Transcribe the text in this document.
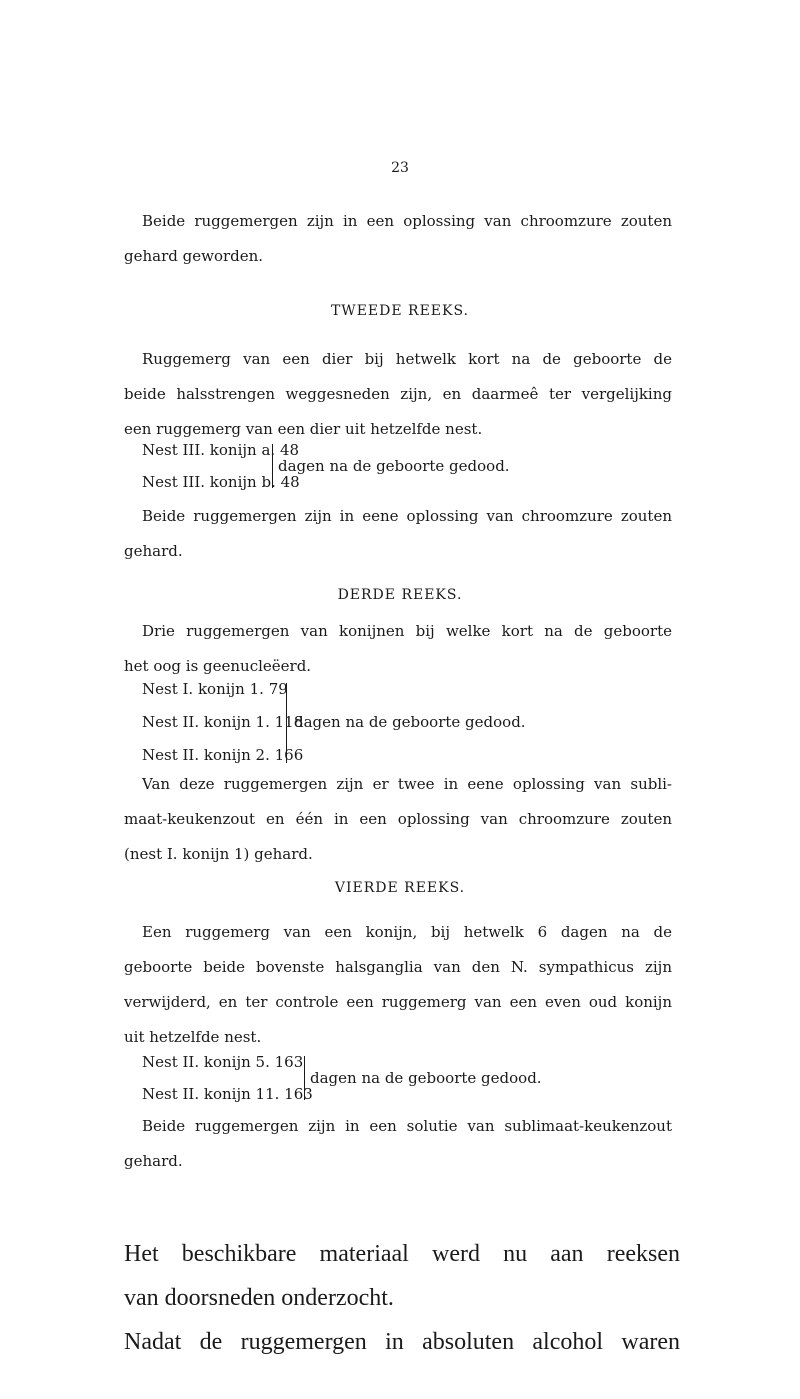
23
Beide ruggemergen zijn in een oplossing van chroomzure zouten
gehard geworden.
TWEEDE REEKS.
Ruggemerg van een dier bij hetwelk kort na de geboorte de
beide halsstrengen weggesneden zijn, en daarmeê ter vergelijking
een ruggemerg van een dier uit hetzelfde nest.
Nest III. konijn a. 48
Nest III. konijn b. 48
dagen na de geboorte gedood.
Beide ruggemergen zijn in eene oplossing van chroomzure zouten
gehard.
DERDE REEKS.
Drie ruggemergen van konijnen bij welke kort na de geboorte
het oog is geenucleëerd.
Nest I. konijn 1. 79
Nest II. konijn 1. 118
Nest II. konijn 2. 166
dagen na de geboorte gedood.
Van deze ruggemergen zijn er twee in eene oplossing van subli-
maat-keukenzout en één in een oplossing van chroomzure zouten
(nest I. konijn 1) gehard.
VIERDE REEKS.
Een ruggemerg van een konijn, bij hetwelk 6 dagen na de
geboorte beide bovenste halsganglia van den N. sympathicus zijn
verwijderd, en ter controle een ruggemerg van een even oud konijn
uit hetzelfde nest.
Nest II. konijn 5. 163
Nest II. konijn 11. 163
dagen na de geboorte gedood.
Beide ruggemergen zijn in een solutie van sublimaat-keukenzout
gehard.
Het beschikbare materiaal werd nu aan reeksen
van doorsneden onderzocht.
Nadat de ruggemergen in absoluten alcohol waren
